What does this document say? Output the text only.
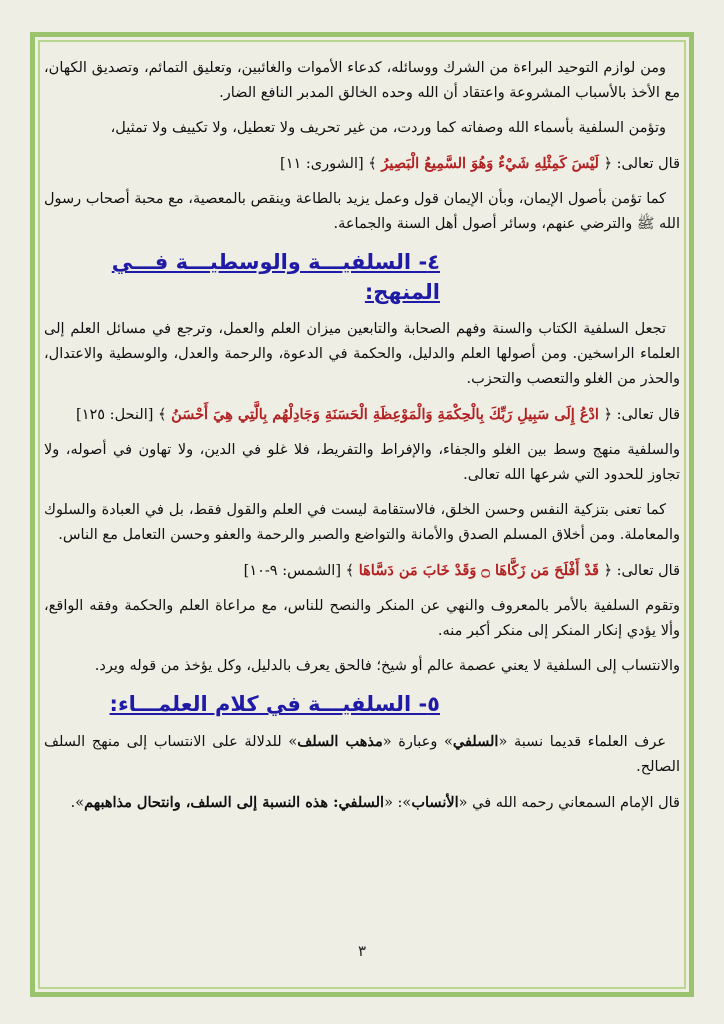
ومن لوازم التوحيد البراءة من الشرك ووسائله، كدعاء الأموات والغائبين، وتعليق التمائم، وتصديق الكهان، مع الأخذ بالأسباب المشروعة واعتقاد أن الله وحده الخالق المدبر النافع الضار.

وتؤمن السلفية بأسماء الله وصفاته كما وردت، من غير تحريف ولا تعطيل، ولا تكييف ولا تمثيل،

قال تعالى: ﴿ لَيْسَ كَمِثْلِهِ شَيْءٌ وَهُوَ السَّمِيعُ الْبَصِيرُ ﴾ [الشورى: ١١]

كما تؤمن بأصول الإيمان، وبأن الإيمان قول وعمل يزيد بالطاعة وينقص بالمعصية، مع محبة أصحاب رسول الله ﷺ والترضي عنهم، وسائر أصول أهل السنة والجماعة.

٤- السلفيـــة والوسطيـــة فـــي المنهج:

تجعل السلفية الكتاب والسنة وفهم الصحابة والتابعين ميزان العلم والعمل، وترجع في مسائل العلم إلى العلماء الراسخين. ومن أصولها العلم والدليل، والحكمة في الدعوة، والرحمة والعدل، والوسطية والاعتدال، والحذر من الغلو والتعصب والتحزب.

قال تعالى: ﴿ ادْعُ إِلَى سَبِيلِ رَبِّكَ بِالْحِكْمَةِ وَالْمَوْعِظَةِ الْحَسَنَةِ وَجَادِلْهُم بِالَّتِي هِيَ أَحْسَنُ ﴾ [النحل: ١٢٥]

والسلفية منهج وسط بين الغلو والجفاء، والإفراط والتفريط، فلا غلو في الدين، ولا تهاون في أصوله، ولا تجاوز للحدود التي شرعها الله تعالى.

كما تعنى بتزكية النفس وحسن الخلق، فالاستقامة ليست في العلم والقول فقط، بل في العبادة والسلوك والمعاملة. ومن أخلاق المسلم الصدق والأمانة والتواضع والصبر والرحمة والعفو وحسن التعامل مع الناس.

قال تعالى: ﴿ قَدْ أَفْلَحَ مَن زَكَّاهَا ۝ وَقَدْ خَابَ مَن دَسَّاهَا ﴾ [الشمس: ٩-١٠]

وتقوم السلفية بالأمر بالمعروف والنهي عن المنكر والنصح للناس، مع مراعاة العلم والحكمة وفقه الواقع، وألا يؤدي إنكار المنكر إلى منكر أكبر منه.

والانتساب إلى السلفية لا يعني عصمة عالم أو شيخ؛ فالحق يعرف بالدليل، وكل يؤخذ من قوله ويرد.

٥- السلفيـــة في كلام العلمـــاء:

عرف العلماء قديما نسبة «السلفي» وعبارة «مذهب السلف» للدلالة على الانتساب إلى منهج السلف الصالح.

قال الإمام السمعاني رحمه الله في «الأنساب»: «السلفي: هذه النسبة إلى السلف، وانتحال مذاهبهم».

٣
